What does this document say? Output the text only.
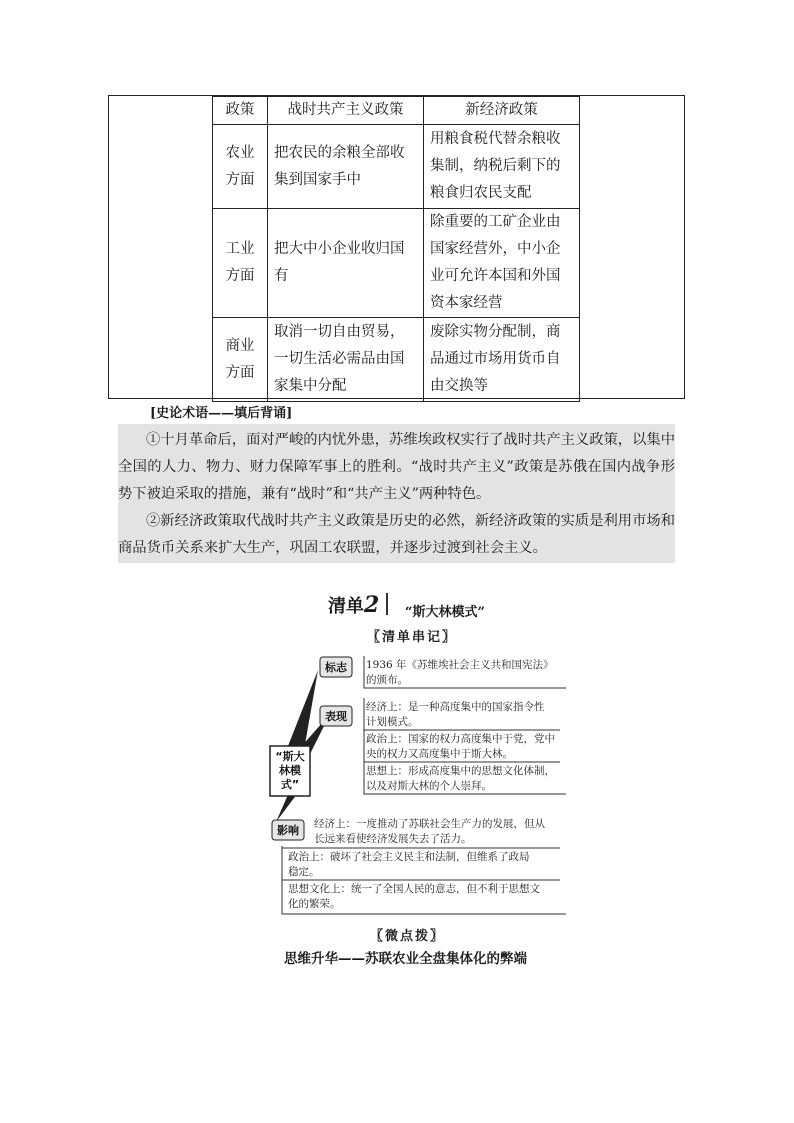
政策	战时共产主义政策	新经济政策

农业
方面	把农民的余粮全部收集到国家手中	用粮食税代替余粮收集制，纳税后剩下的粮食归农民支配

工业
方面	把大中小企业收归国有	除重要的工矿企业由国家经营外，中小企业可允许本国和外国资本家经营

商业
方面	取消一切自由贸易，一切生活必需品由国家集中分配	废除实物分配制，商品通过市场用货币自由交换等
[史论术语——填后背诵]

①十月革命后，面对严峻的内忧外患，苏维埃政权实行了战时共产主义政策，以集中全国的人力、物力、财力保障军事上的胜利。“战时共产主义”政策是苏俄在国内战争形势下被迫采取的措施，兼有“战时”和“共产主义”两种特色。

②新经济政策取代战时共产主义政策是历史的必然，新经济政策的实质是利用市场和商品货币关系来扩大生产，巩固工农联盟，并逐步过渡到社会主义。

清单2 “斯大林模式”
〖清单串记〗
“斯大
林模
式”
标志 1936 年《苏维埃社会主义共和国宪法》
的颁布。
表现
经济上：是一种高度集中的国家指令性
计划模式。
政治上：国家的权力高度集中于党，党中
央的权力又高度集中于斯大林。
思想上：形成高度集中的思想文化体制，
以及对斯大林的个人崇拜。
影响 经济上：一度推动了苏联社会生产力的发展，但从
长远来看使经济发展失去了活力。
政治上：破坏了社会主义民主和法制，但维系了政局
稳定。
思想文化上：统一了全国人民的意志，但不利于思想文
化的繁荣。
〖微点拨〗
思维升华——苏联农业全盘集体化的弊端
